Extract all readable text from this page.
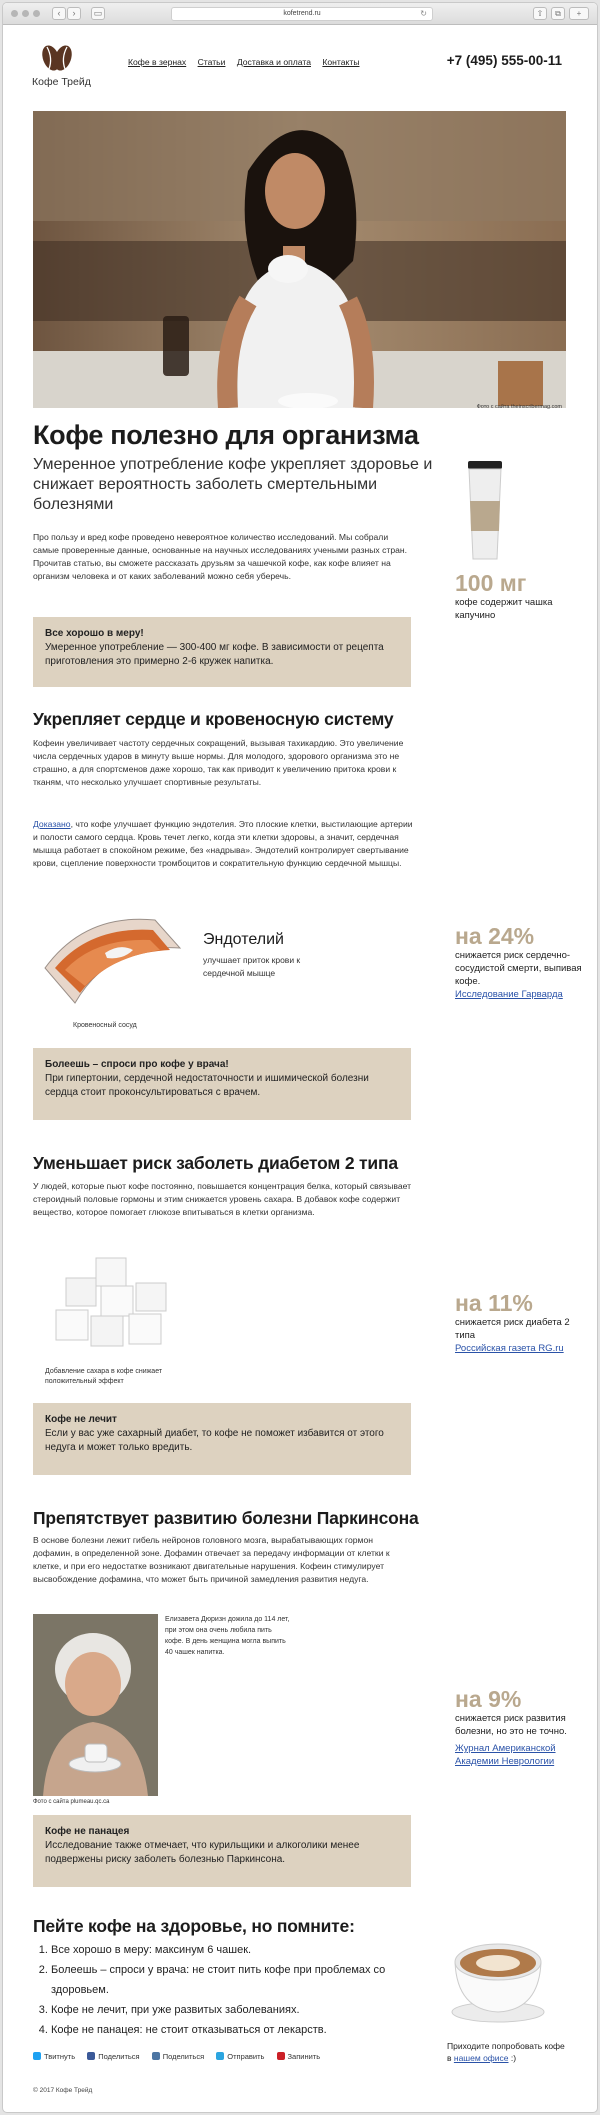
‹	›	▭	kofetrend.ru	↻	⇧	⧉	+
Кофе Трейд
Кофе в зернах Статьи Доставка и оплата Контакты	+7 (495) 555-00-11
Фото с сайта theinscribermag.com
Кофе полезно для организма
Умеренное употребление кофе укрепляет здоровье и снижает вероятность заболеть смертельными болезнями
Про пользу и вред кофе проведено невероятное количество исследований. Мы собрали самые проверенные данные, основанные на научных исследованиях учеными разных стран. Прочитав статью, вы сможете рассказать друзьям за чашечкой кофе, как кофе влияет на организм человека и от каких заболеваний можно себя уберечь.	100 мг
кофе содержит чашка капучино
Все хорошо в меру!
Умеренное употребление — 300-400 мг кофе. В зависимости от рецепта приготовления это примерно 2-6 кружек напитка.
Укрепляет сердце и кровеносную систему
Кофеин увеличивает частоту сердечных сокращений, вызывая тахикардию. Это увеличение числа сердечных ударов в минуту выше нормы. Для молодого, здорового организма это не страшно, а для спортсменов даже хорошо, так как приводит к увеличению притока крови к тканям, что несколько улучшает спортивные результаты.
Доказано, что кофе улучшает функцию эндотелия. Это плоские клетки, выстилающие артерии и полости самого сердца. Кровь течет легко, когда эти клетки здоровы, а значит, сердечная мышца работает в спокойном режиме, без «надрыва». Эндотелий контролирует свертывание крови, сцепление поверхности тромбоцитов и сократительную функцию сердечной мышцы.
Эндотелий
улучшает приток крови к сердечной мышце
Кровеносный сосуд
на 24%
снижается риск сердечно-сосудистой смерти, выпивая кофе.
Исследование Гарварда
Болеешь – спроси про кофе у врача!
При гипертонии, сердечной недостаточности и ишимической болезни сердца стоит проконсультироваться с врачем.
Уменьшает риск заболеть диабетом 2 типа
У людей, которые пьют кофе постоянно, повышается концентрация белка, который связывает стероидный половые гормоны и этим снижается уровень сахара. В добавок кофе содержит вещество, которое помогает глюкозе впитываться в клетки организма.
Добавление сахара в кофе снижает положительный эффект
на 11%
снижается риск диабета 2 типа
Российская газета RG.ru
Кофе не лечит
Если у вас уже сахарный диабет, то кофе не поможет избавится от этого недуга и может только вредить.
Препятствует развитию болезни Паркинсона
В основе болезни лежит гибель нейронов головного мозга, вырабатывающих гормон дофамин, в определенной зоне. Дофамин отвечает за передачу информации от клетки к клетке, и при его недостатке возникают двигательные нарушения. Кофеин стимулирует высвобождение дофамина, что может быть причиной замедления развития недуга.
Елизавета Дюризн дожила до 114 лет, при этом она очень любила пить кофе. В день женщина могла выпить 40 чашек напитка.
Фото с сайта plumeau.qc.ca
на 9%
снижается риск развития болезни, но это не точно.
Журнал Американской Академии Неврологии
Кофе не панацея
Исследование также отмечает, что курильщики и алкоголики менее подвержены риску заболеть болезнью Паркинсона.
Пейте кофе на здоровье, но помните:
1. Все хорошо в меру: максинум 6 чашек.
2. Болеешь – спроси у врача: не стоит пить кофе при проблемах со здоровьем.
3. Кофе не лечит, при уже развитых заболеваниях.
4. Кофе не панацея: не стоит отказываться от лекарств.
Приходите попробовать кофе в нашем офисе :)
Твитнуть	Поделиться	Поделиться	Отправить	Запинить
© 2017 Кофе Трейд
